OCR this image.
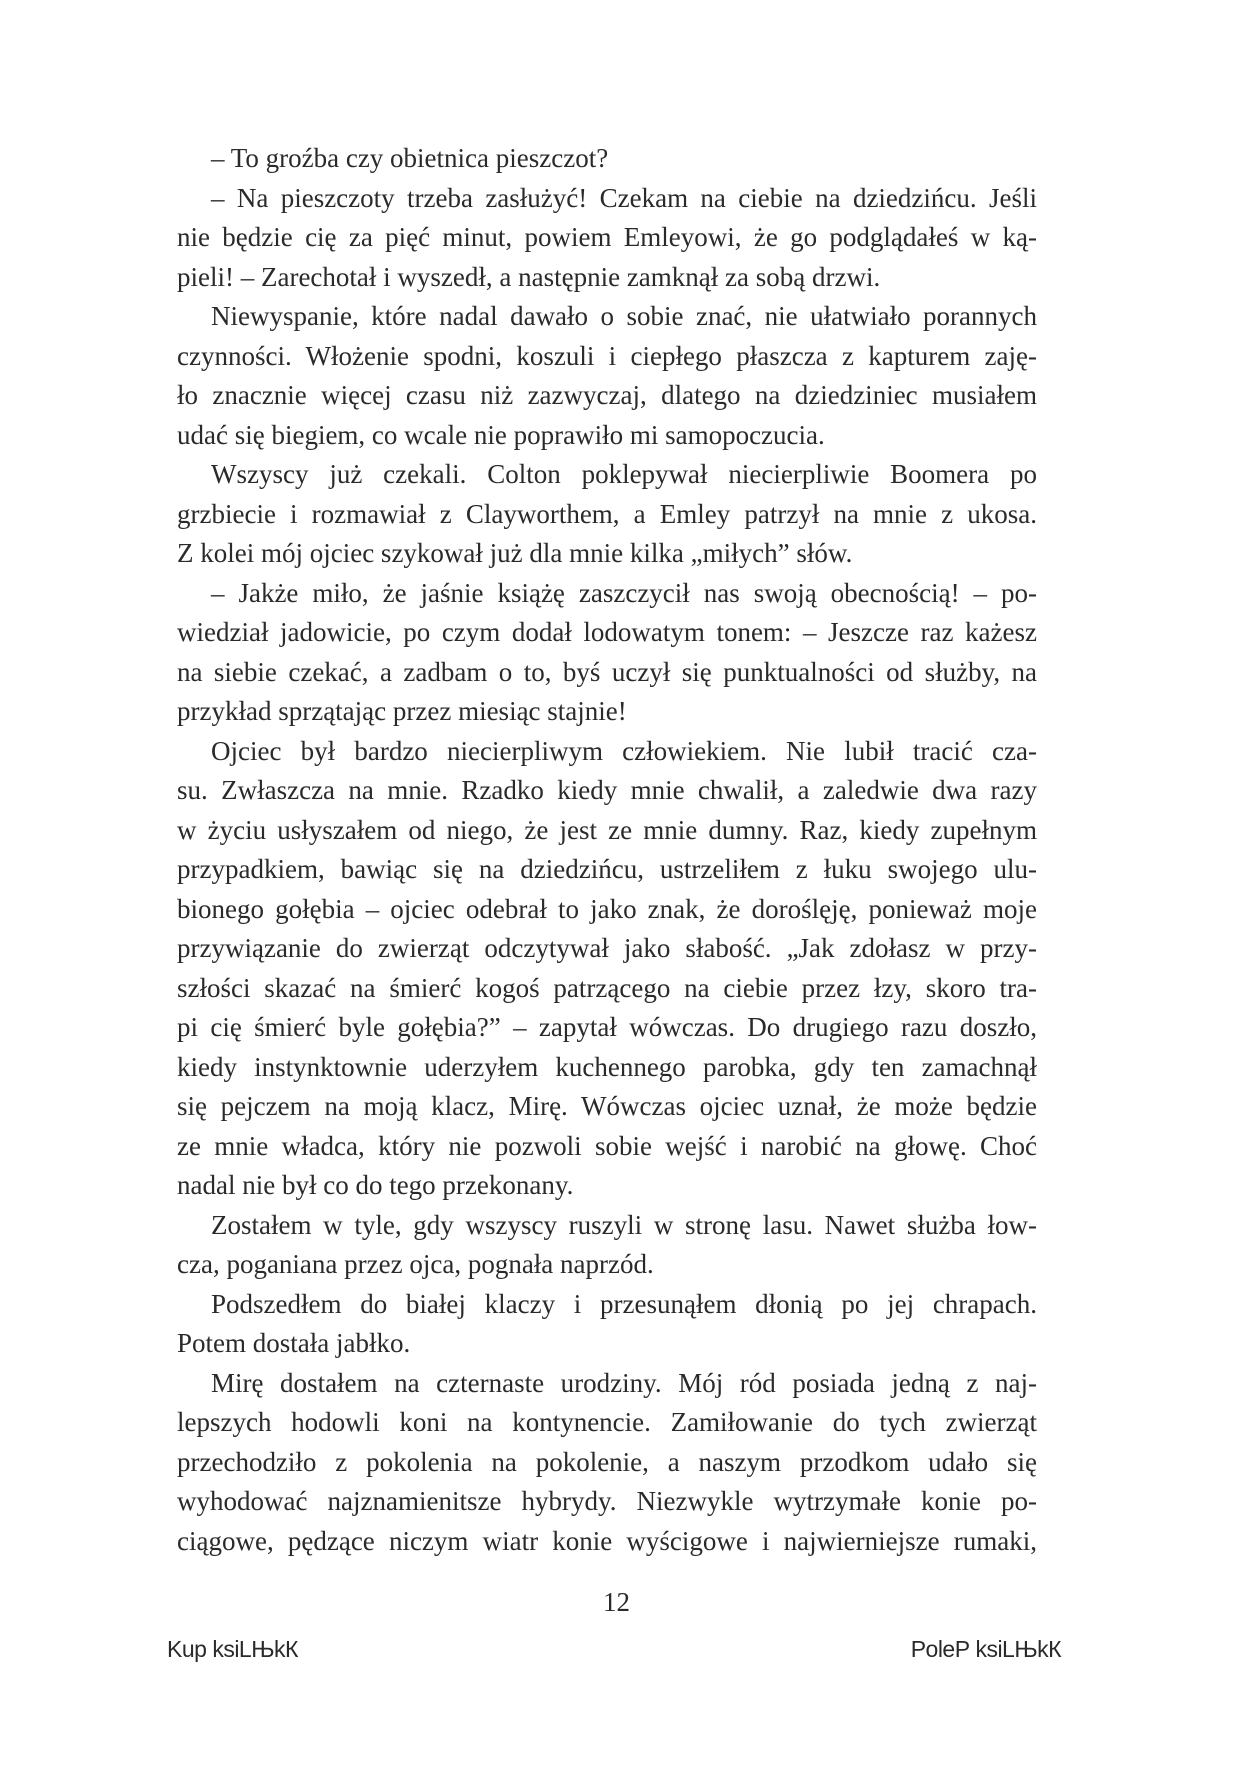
– To groźba czy obietnica pieszczot?
– Na pieszczoty trzeba zasłużyć! Czekam na ciebie na dziedzińcu. Jeśli
nie będzie cię za pięć minut, powiem Emleyowi, że go podglądałeś w ką-
pieli! – Zarechotał i wyszedł, a następnie zamknął za sobą drzwi.
Niewyspanie, które nadal dawało o sobie znać, nie ułatwiało porannych
czynności. Włożenie spodni, koszuli i ciepłego płaszcza z kapturem zaję-
ło znacznie więcej czasu niż zazwyczaj, dlatego na dziedziniec musiałem
udać się biegiem, co wcale nie poprawiło mi samopoczucia.
Wszyscy już czekali. Colton poklepywał niecierpliwie Boomera po
grzbiecie i rozmawiał z Clayworthem, a Emley patrzył na mnie z ukosa.
Z kolei mój ojciec szykował już dla mnie kilka „miłych” słów.
– Jakże miło, że jaśnie książę zaszczycił nas swoją obecnością! – po-
wiedział jadowicie, po czym dodał lodowatym tonem: – Jeszcze raz każesz
na siebie czekać, a zadbam o to, byś uczył się punktualności od służby, na
przykład sprzątając przez miesiąc stajnie!
Ojciec był bardzo niecierpliwym człowiekiem. Nie lubił tracić cza-
su. Zwłaszcza na mnie. Rzadko kiedy mnie chwalił, a zaledwie dwa razy
w życiu usłyszałem od niego, że jest ze mnie dumny. Raz, kiedy zupełnym
przypadkiem, bawiąc się na dziedzińcu, ustrzeliłem z łuku swojego ulu-
bionego gołębia – ojciec odebrał to jako znak, że doroślęję, ponieważ moje
przywiązanie do zwierząt odczytywał jako słabość. „Jak zdołasz w przy-
szłości skazać na śmierć kogoś patrzącego na ciebie przez łzy, skoro tra-
pi cię śmierć byle gołębia?” – zapytał wówczas. Do drugiego razu doszło,
kiedy instynktownie uderzyłem kuchennego parobka, gdy ten zamachnął
się pejczem na moją klacz, Mirę. Wówczas ojciec uznał, że może będzie
ze mnie władca, który nie pozwoli sobie wejść i narobić na głowę. Choć
nadal nie był co do tego przekonany.
Zostałem w tyle, gdy wszyscy ruszyli w stronę lasu. Nawet służba łow-
cza, poganiana przez ojca, pognała naprzód.
Podszedłem do białej klaczy i przesunąłem dłonią po jej chrapach.
Potem dostała jabłko.
Mirę dostałem na czternaste urodziny. Mój ród posiada jedną z naj-
lepszych hodowli koni na kontynencie. Zamiłowanie do tych zwierząt
przechodziło z pokolenia na pokolenie, a naszym przodkom udało się
wyhodować najznamienitsze hybrydy. Niezwykle wytrzymałe konie po-
ciągowe, pędzące niczym wiatr konie wyścigowe i najwierniejsze rumaki,
12
Kup ksiLЊkК	PoleР ksiLЊkК
